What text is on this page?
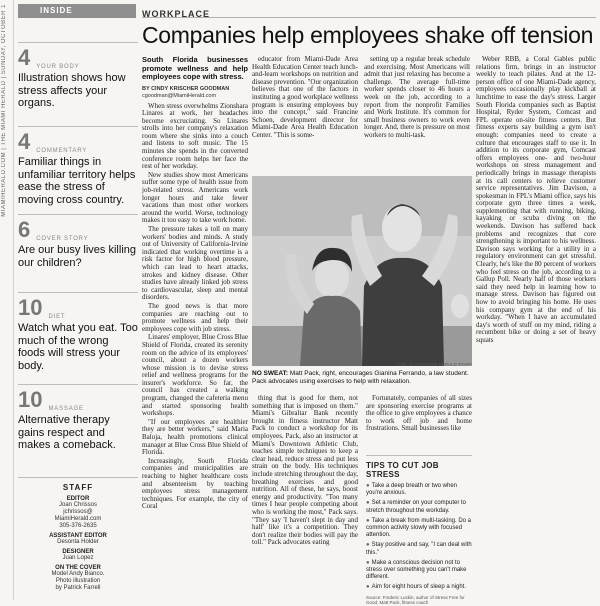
MIAMIHERALD.COM | THE MIAMI HERALD | SUNDAY, OCTOBER 1	INSIDE	WORKPLACE
4 YOUR BODY
Illustration shows how stress affects your organs.
4 COMMENTARY
Familiar things in unfamiliar territory helps ease the stress of moving cross country.
6 COVER STORY
Are our busy lives killing our children?
10 DIET
Watch what you eat. Too much of the wrong foods will stress your body.
10 MASSAGE
Alternative therapy gains respect and makes a comeback.
STAFF
EDITOR
Joan Chrissos
jchrissos@
MiamiHerald.com
305-376-2635
ASSISTANT EDITOR
Desonta Holder
DESIGNER
Juan Lopez
ON THE COVER
Model Andy Bianco.
Photo illustration
by Patrick Farrell
Companies help employees shake off tension
South Florida businesses promote wellness and help employees cope with stress.
BY CINDY KRISCHER GOODMAN
cgoodman@MiamiHerald.com

When stress overwhelms Zionshara Linares at work, her headaches become excruciating. So Linares strolls into her company's relaxation room where she sinks into a couch and listens to soft music. The 15 minutes she spends in the converted conference room helps her face the rest of her workday.

New studies show most Americans suffer some type of health issue from job-related stress. Americans work longer hours and take fewer vacations than most other workers around the world. Worse, technology makes it too easy to take work home.

The pressure takes a toll on many workers' bodies and minds. A study out of University of California-Irvine indicated that working overtime is a risk factor for high blood pressure, which can lead to heart attacks, strokes and kidney disease. Other studies have already linked job stress to cardiovascular, sleep and mental disorders.

The good news is that more companies are reaching out to promote wellness and help their employees cope with job stress.

Linares' employer, Blue Cross Blue Shield of Florida, created its serenity room on the advice of its employees' council, about a dozen workers whose mission is to devise stress relief and wellness programs for the insurer's workforce. So far, the council has created a walking program, changed the cafeteria menu and started sponsoring health workshops.

"If our employees are healthier they are better workers," said Maria Baluja, health promotions clinical manager at Blue Cross Blue Shield of Florida.

Increasingly, South Florida companies and municipalities are reaching to higher healthcare costs and absenteeism by teaching employees stress management techniques. For example, the city of Coral

educator from Miami-Dade Area Health Education Center teach lunch-and-learn workshops on nutrition and disease prevention. "Our organization believes that one of the factors in instituting a good workplace wellness program is ensuring employees buy into the concept," said Francine Schoen, development director for Miami-Dade Area Health Education Center. "This is some-

setting up a regular break schedule and exercising. Most Americans will admit that just relaxing has become a challenge. The average full-time worker spends closer to 46 hours a week on the job, according to a report from the nonprofit Families and Work Institute. It's common for small business owners to work even longer. And, there is pressure on most workers to multi-task.

Weber RBB, a Coral Gables public relations firm, brings in an instructor weekly to teach pilates. And at the 12-person office of one Miami-Dade agency, employees occasionally play kickball at lunchtime to ease the day's stress. Larger South Florida companies such as Baptist Hospital, Ryder System, Comcast and FPL operate on-site fitness centers. But fitness experts say building a gym isn't enough: companies need to create a culture that encourages staff to use it. In addition to its corporate gym, Comcast offers employees one- and two-hour workshops on stress management and periodically brings in massage therapists at its call centers to relieve customer service representatives. Jim Davison, a spokesman in FPL's Miami office, says his corporate gym three times a week, supplementing that with running, biking, kayaking or scuba diving on the weekends. Davison has suffered back problems and recognizes that core strengthening is important to his wellness. Davison says working for a utility in a regulatory environment can get stressful. Clearly, he's like the 80 percent of workers who feel stress on the job, according to a Gallup Poll. Nearly half of those workers said they need help in learning how to manage stress. Davison has figured out how to avoid bringing his home. He uses his company gym at the end of his workday. "When I have an accumulated day's worth of stuff on my mind, riding a recumbent bike or doing a set of heavy squats

CARL JUSTE/MIAMI HERALD STAFF
NO SWEAT: Matt Pack, right, encourages Gianina Ferrando, a law student. Pack advocates using exercises to help with relaxation.

thing that is good for them, not something that is imposed on them." Miami's Gibraltar Bank recently brought in fitness instructor Matt Pack to conduct a workshop for its employees. Pack, also an instructor at Miami's Downtown Athletic Club, teaches simple techniques to keep a clear head, reduce stress and put less strain on the body. His techniques include stretching throughout the day, breathing exercises and good nutrition. All of these, he says, boost energy and productivity. "Too many times I hear people competing about who is working the most," Pack says. "They say 'I haven't slept in day and half' like it's a competition. They don't realize their bodies will pay the toll." Pack advocates eating

Fortunately, companies of all sizes are sponsoring exercise programs at the office to give employees a chance to work off job and home frustrations. Small businesses like

TIPS TO CUT JOB STRESS
● Take a deep breath or two when you're anxious.
● Set a reminder on your computer to stretch throughout the workday.
● Take a break from multi-tasking. Do a common activity slowly with focused attention.
● Stay positive and say, "I can deal with this."
● Make a conscious decision not to stress over something you can't make different.
● Aim for eight hours of sleep a night.
Source: Frederic Luskin, author of Stress Free for Good; Matt Pack, fitness coach
